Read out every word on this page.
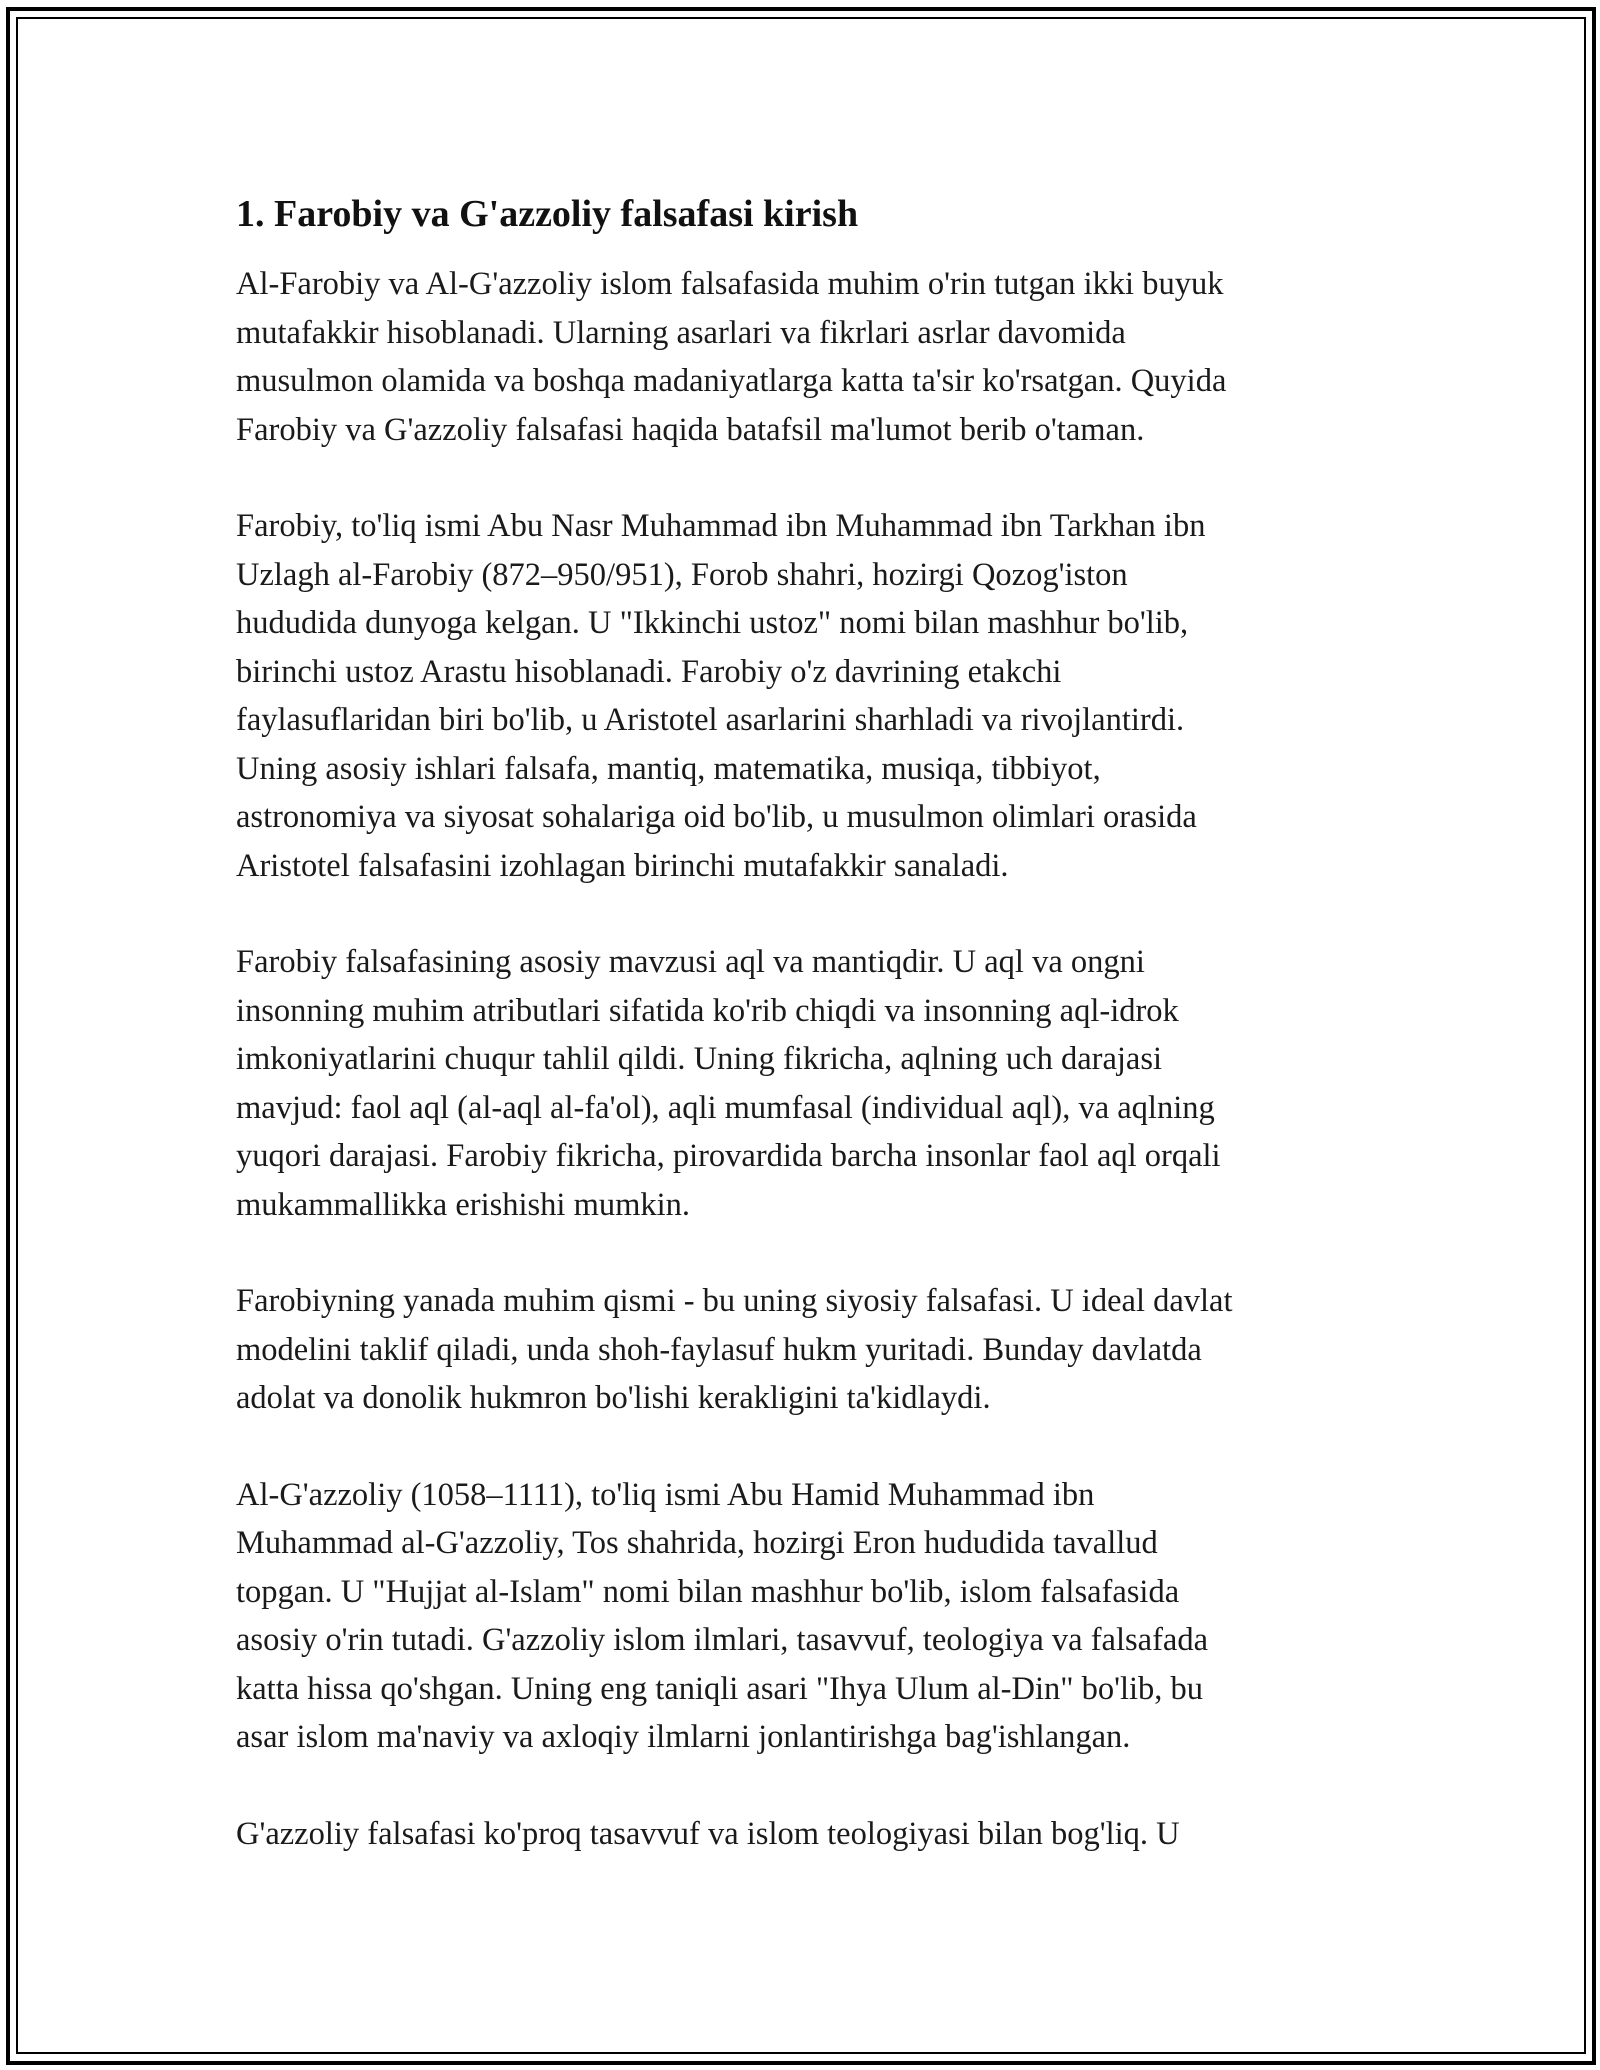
1. Farobiy va G'azzoliy falsafasi kirish

Al-Farobiy va Al-G'azzoliy islom falsafasida muhim o'rin tutgan ikki buyuk
mutafakkir hisoblanadi. Ularning asarlari va fikrlari asrlar davomida
musulmon olamida va boshqa madaniyatlarga katta ta'sir ko'rsatgan. Quyida
Farobiy va G'azzoliy falsafasi haqida batafsil ma'lumot berib o'taman.

Farobiy, to'liq ismi Abu Nasr Muhammad ibn Muhammad ibn Tarkhan ibn
Uzlagh al-Farobiy (872–950/951), Forob shahri, hozirgi Qozog'iston
hududida dunyoga kelgan. U "Ikkinchi ustoz" nomi bilan mashhur bo'lib,
birinchi ustoz Arastu hisoblanadi. Farobiy o'z davrining etakchi
faylasuflaridan biri bo'lib, u Aristotel asarlarini sharhladi va rivojlantirdi.
Uning asosiy ishlari falsafa, mantiq, matematika, musiqa, tibbiyot,
astronomiya va siyosat sohalariga oid bo'lib, u musulmon olimlari orasida
Aristotel falsafasini izohlagan birinchi mutafakkir sanaladi.

Farobiy falsafasining asosiy mavzusi aql va mantiqdir. U aql va ongni
insonning muhim atributlari sifatida ko'rib chiqdi va insonning aql-idrok
imkoniyatlarini chuqur tahlil qildi. Uning fikricha, aqlning uch darajasi
mavjud: faol aql (al-aql al-fa'ol), aqli mumfasal (individual aql), va aqlning
yuqori darajasi. Farobiy fikricha, pirovardida barcha insonlar faol aql orqali
mukammallikka erishishi mumkin.

Farobiyning yanada muhim qismi - bu uning siyosiy falsafasi. U ideal davlat
modelini taklif qiladi, unda shoh-faylasuf hukm yuritadi. Bunday davlatda
adolat va donolik hukmron bo'lishi kerakligini ta'kidlaydi.

Al-G'azzoliy (1058–1111), to'liq ismi Abu Hamid Muhammad ibn
Muhammad al-G'azzoliy, Tos shahrida, hozirgi Eron hududida tavallud
topgan. U "Hujjat al-Islam" nomi bilan mashhur bo'lib, islom falsafasida
asosiy o'rin tutadi. G'azzoliy islom ilmlari, tasavvuf, teologiya va falsafada
katta hissa qo'shgan. Uning eng taniqli asari "Ihya Ulum al-Din" bo'lib, bu
asar islom ma'naviy va axloqiy ilmlarni jonlantirishga bag'ishlangan.

G'azzoliy falsafasi ko'proq tasavvuf va islom teologiyasi bilan bog'liq. U
